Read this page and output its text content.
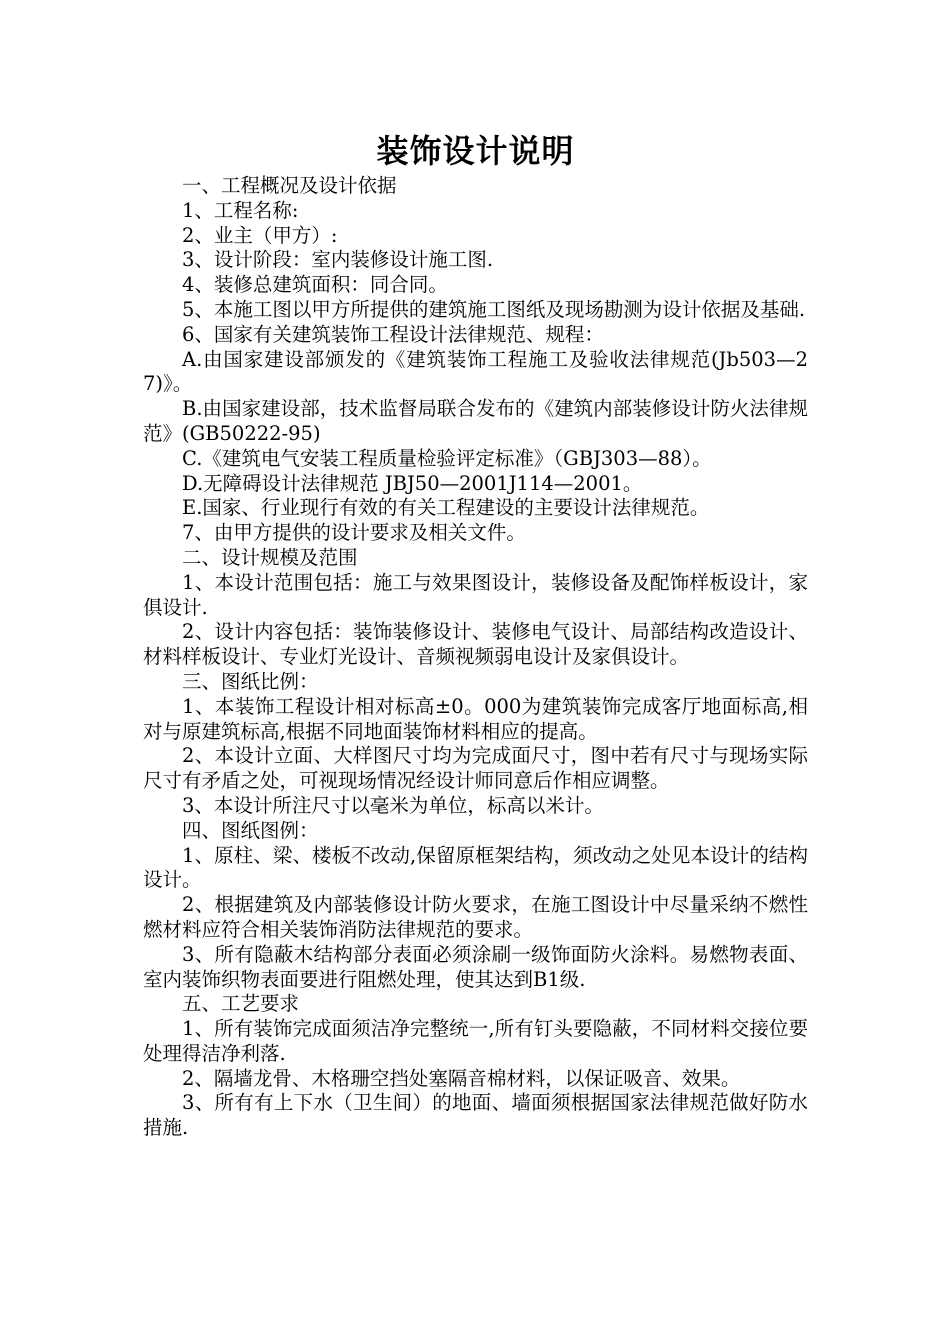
装饰设计说明

一、工程概况及设计依据

1、工程名称:

2、业主（甲方）:

3、设计阶段：室内装修设计施工图.

4、装修总建筑面积：同合同。

5、本施工图以甲方所提供的建筑施工图纸及现场勘测为设计依据及基础.

6、国家有关建筑装饰工程设计法律规范、规程：

A.由国家建设部颁发的《建筑装饰工程施工及验收法律规范(Jb503—27)》。

B.由国家建设部，技术监督局联合发布的《建筑内部装修设计防火法律规范》(GB50222-95)

C.《建筑电气安装工程质量检验评定标准》（GBJ303—88）。

D.无障碍设计法律规范 JBJ50—2001J114—2001。

E.国家、行业现行有效的有关工程建设的主要设计法律规范。

7、由甲方提供的设计要求及相关文件。

二、设计规模及范围

1、本设计范围包括：施工与效果图设计，装修设备及配饰样板设计，家俱设计.

2、设计内容包括：装饰装修设计、装修电气设计、局部结构改造设计、材料样板设计、专业灯光设计、音频视频弱电设计及家俱设计。

三、图纸比例：

1、本装饰工程设计相对标高±0。000为建筑装饰完成客厅地面标高,相对与原建筑标高,根据不同地面装饰材料相应的提高。

2、本设计立面、大样图尺寸均为完成面尺寸，图中若有尺寸与现场实际尺寸有矛盾之处，可视现场情况经设计师同意后作相应调整。

3、本设计所注尺寸以毫米为单位，标高以米计。

四、图纸图例：

1、原柱、梁、楼板不改动,保留原框架结构，须改动之处见本设计的结构设计。

2、根据建筑及内部装修设计防火要求，在施工图设计中尽量采纳不燃性燃材料应符合相关装饰消防法律规范的要求。

3、所有隐蔽木结构部分表面必须涂刷一级饰面防火涂料。易燃物表面、室内装饰织物表面要进行阻燃处理，使其达到B1级.

五、工艺要求

1、所有装饰完成面须洁净完整统一,所有钉头要隐蔽，不同材料交接位要处理得洁净利落.

2、隔墙龙骨、木格珊空挡处塞隔音棉材料，以保证吸音、效果。

3、所有有上下水（卫生间）的地面、墙面须根据国家法律规范做好防水措施.
